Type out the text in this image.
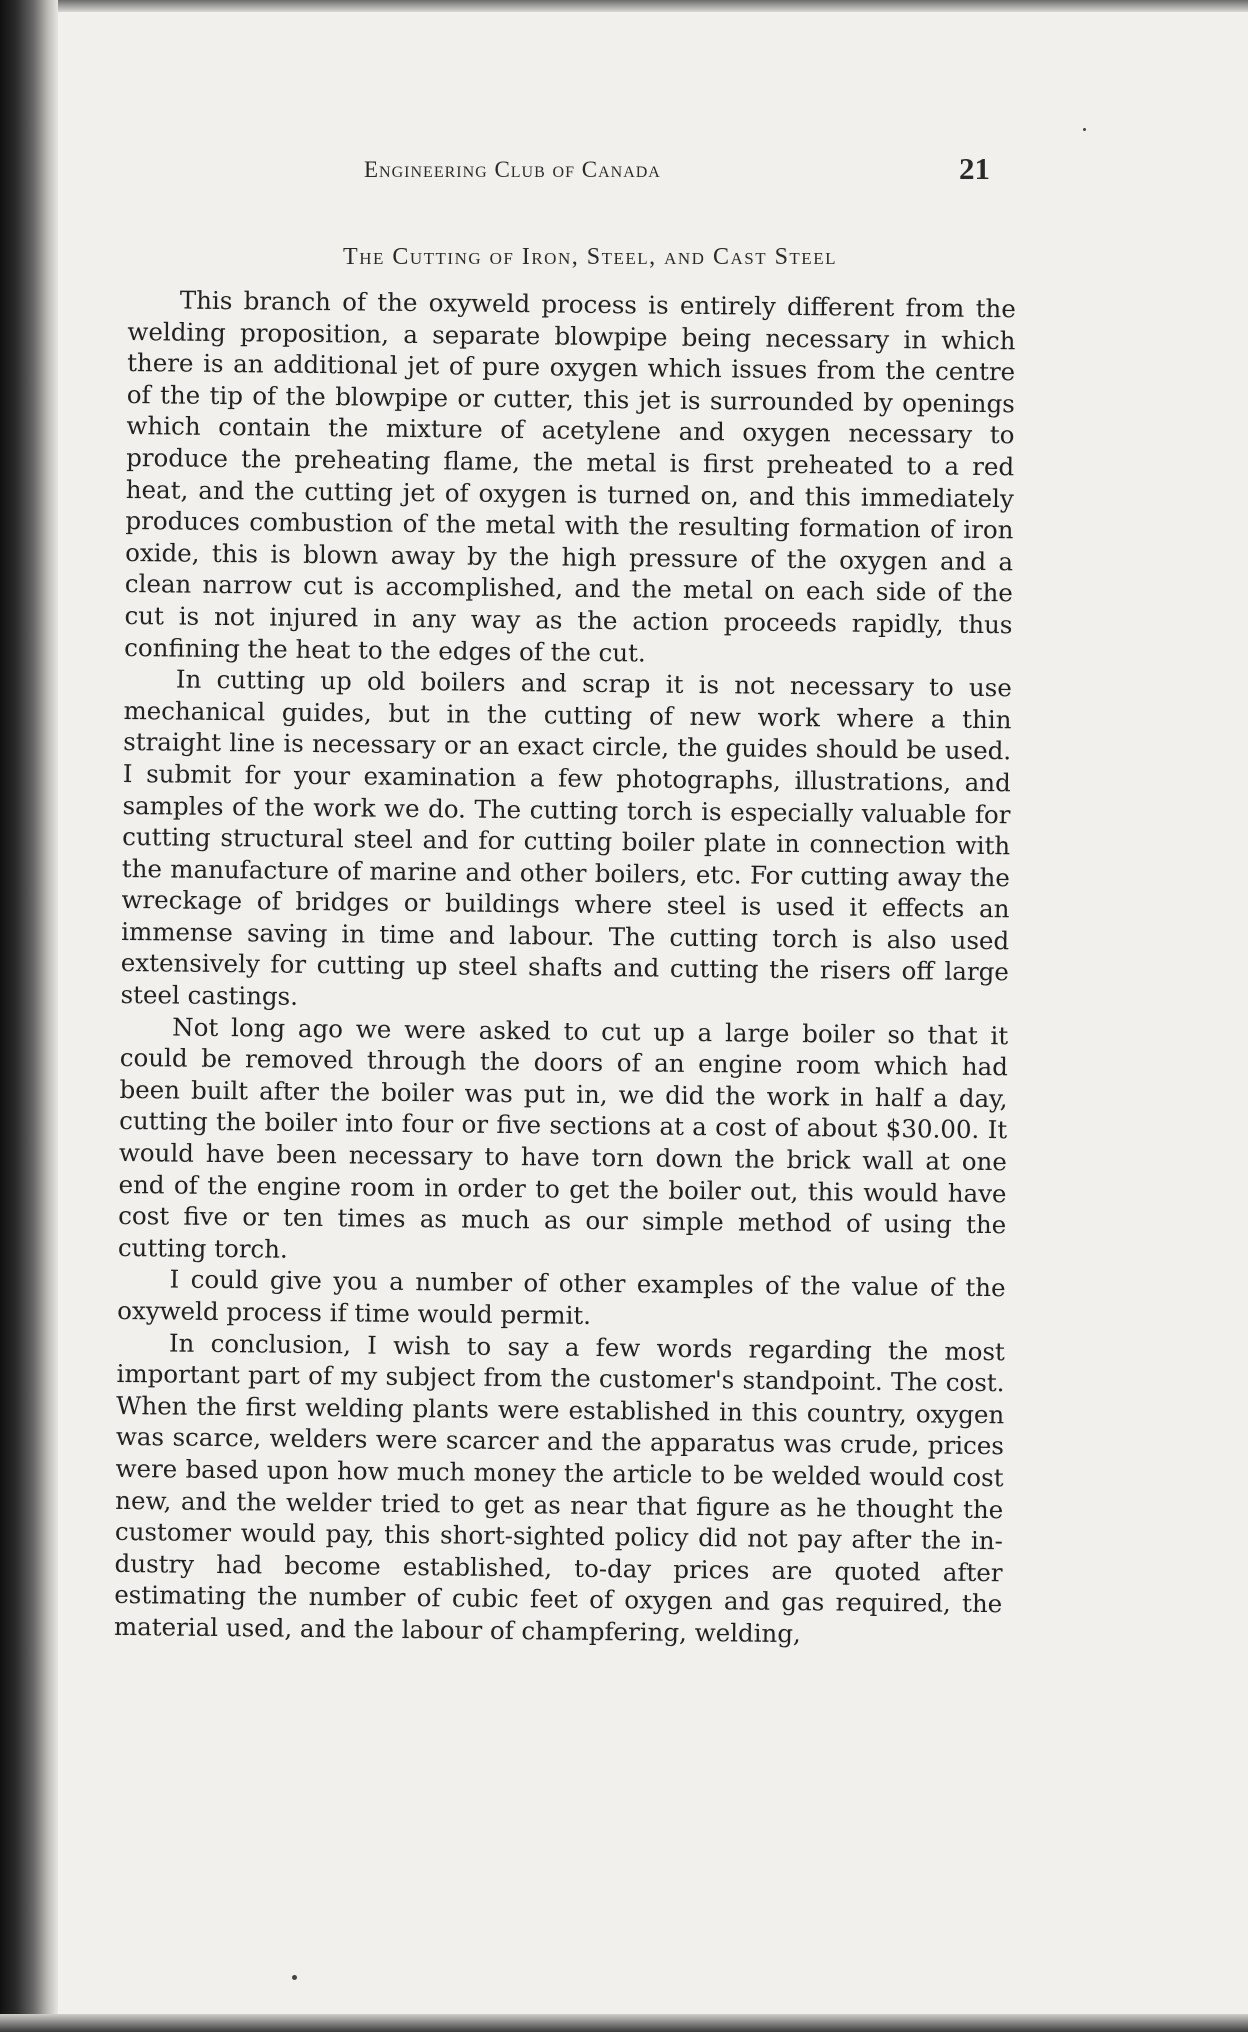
Engineering Club of Canada	21
The Cutting of Iron, Steel, and Cast Steel

This branch of the oxyweld process is entirely different from the welding proposition, a separate blowpipe being necessary in which there is an additional jet of pure oxygen which issues from the centre of the tip of the blowpipe or cutter, this jet is surrounded by openings which contain the mixture of acetylene and oxygen necessary to produce the preheating flame, the metal is first preheated to a red heat, and the cutting jet of oxygen is turned on, and this immediately produces combustion of the metal with the resulting formation of iron oxide, this is blown away by the high pressure of the oxygen and a clean narrow cut is accomplished, and the metal on each side of the cut is not injured in any way as the action proceeds rapidly, thus confining the heat to the edges of the cut.

In cutting up old boilers and scrap it is not necessary to use mechanical guides, but in the cutting of new work where a thin straight line is necessary or an exact circle, the guides should be used. I submit for your examination a few photographs, illustrations, and samples of the work we do. The cutting torch is especially valuable for cutting structural steel and for cutting boiler plate in connection with the manufacture of marine and other boilers, etc. For cutting away the wreckage of bridges or buildings where steel is used it effects an immense saving in time and labour. The cutting torch is also used extensively for cutting up steel shafts and cutting the risers off large steel castings.

Not long ago we were asked to cut up a large boiler so that it could be removed through the doors of an engine room which had been built after the boiler was put in, we did the work in half a day, cutting the boiler into four or five sections at a cost of about $30.00. It would have been necessary to have torn down the brick wall at one end of the engine room in order to get the boiler out, this would have cost five or ten times as much as our simple method of using the cutting torch.

I could give you a number of other examples of the value of the oxyweld process if time would permit.

In conclusion, I wish to say a few words regarding the most important part of my subject from the customer's standpoint. The cost. When the first welding plants were established in this country, oxygen was scarce, welders were scarcer and the apparatus was crude, prices were based upon how much money the article to be welded would cost new, and the welder tried to get as near that figure as he thought the customer would pay, this short-sighted policy did not pay after the industry had become established, to-day prices are quoted after estimating the number of cubic feet of oxygen and gas required, the material used, and the labour of champfering, welding,
